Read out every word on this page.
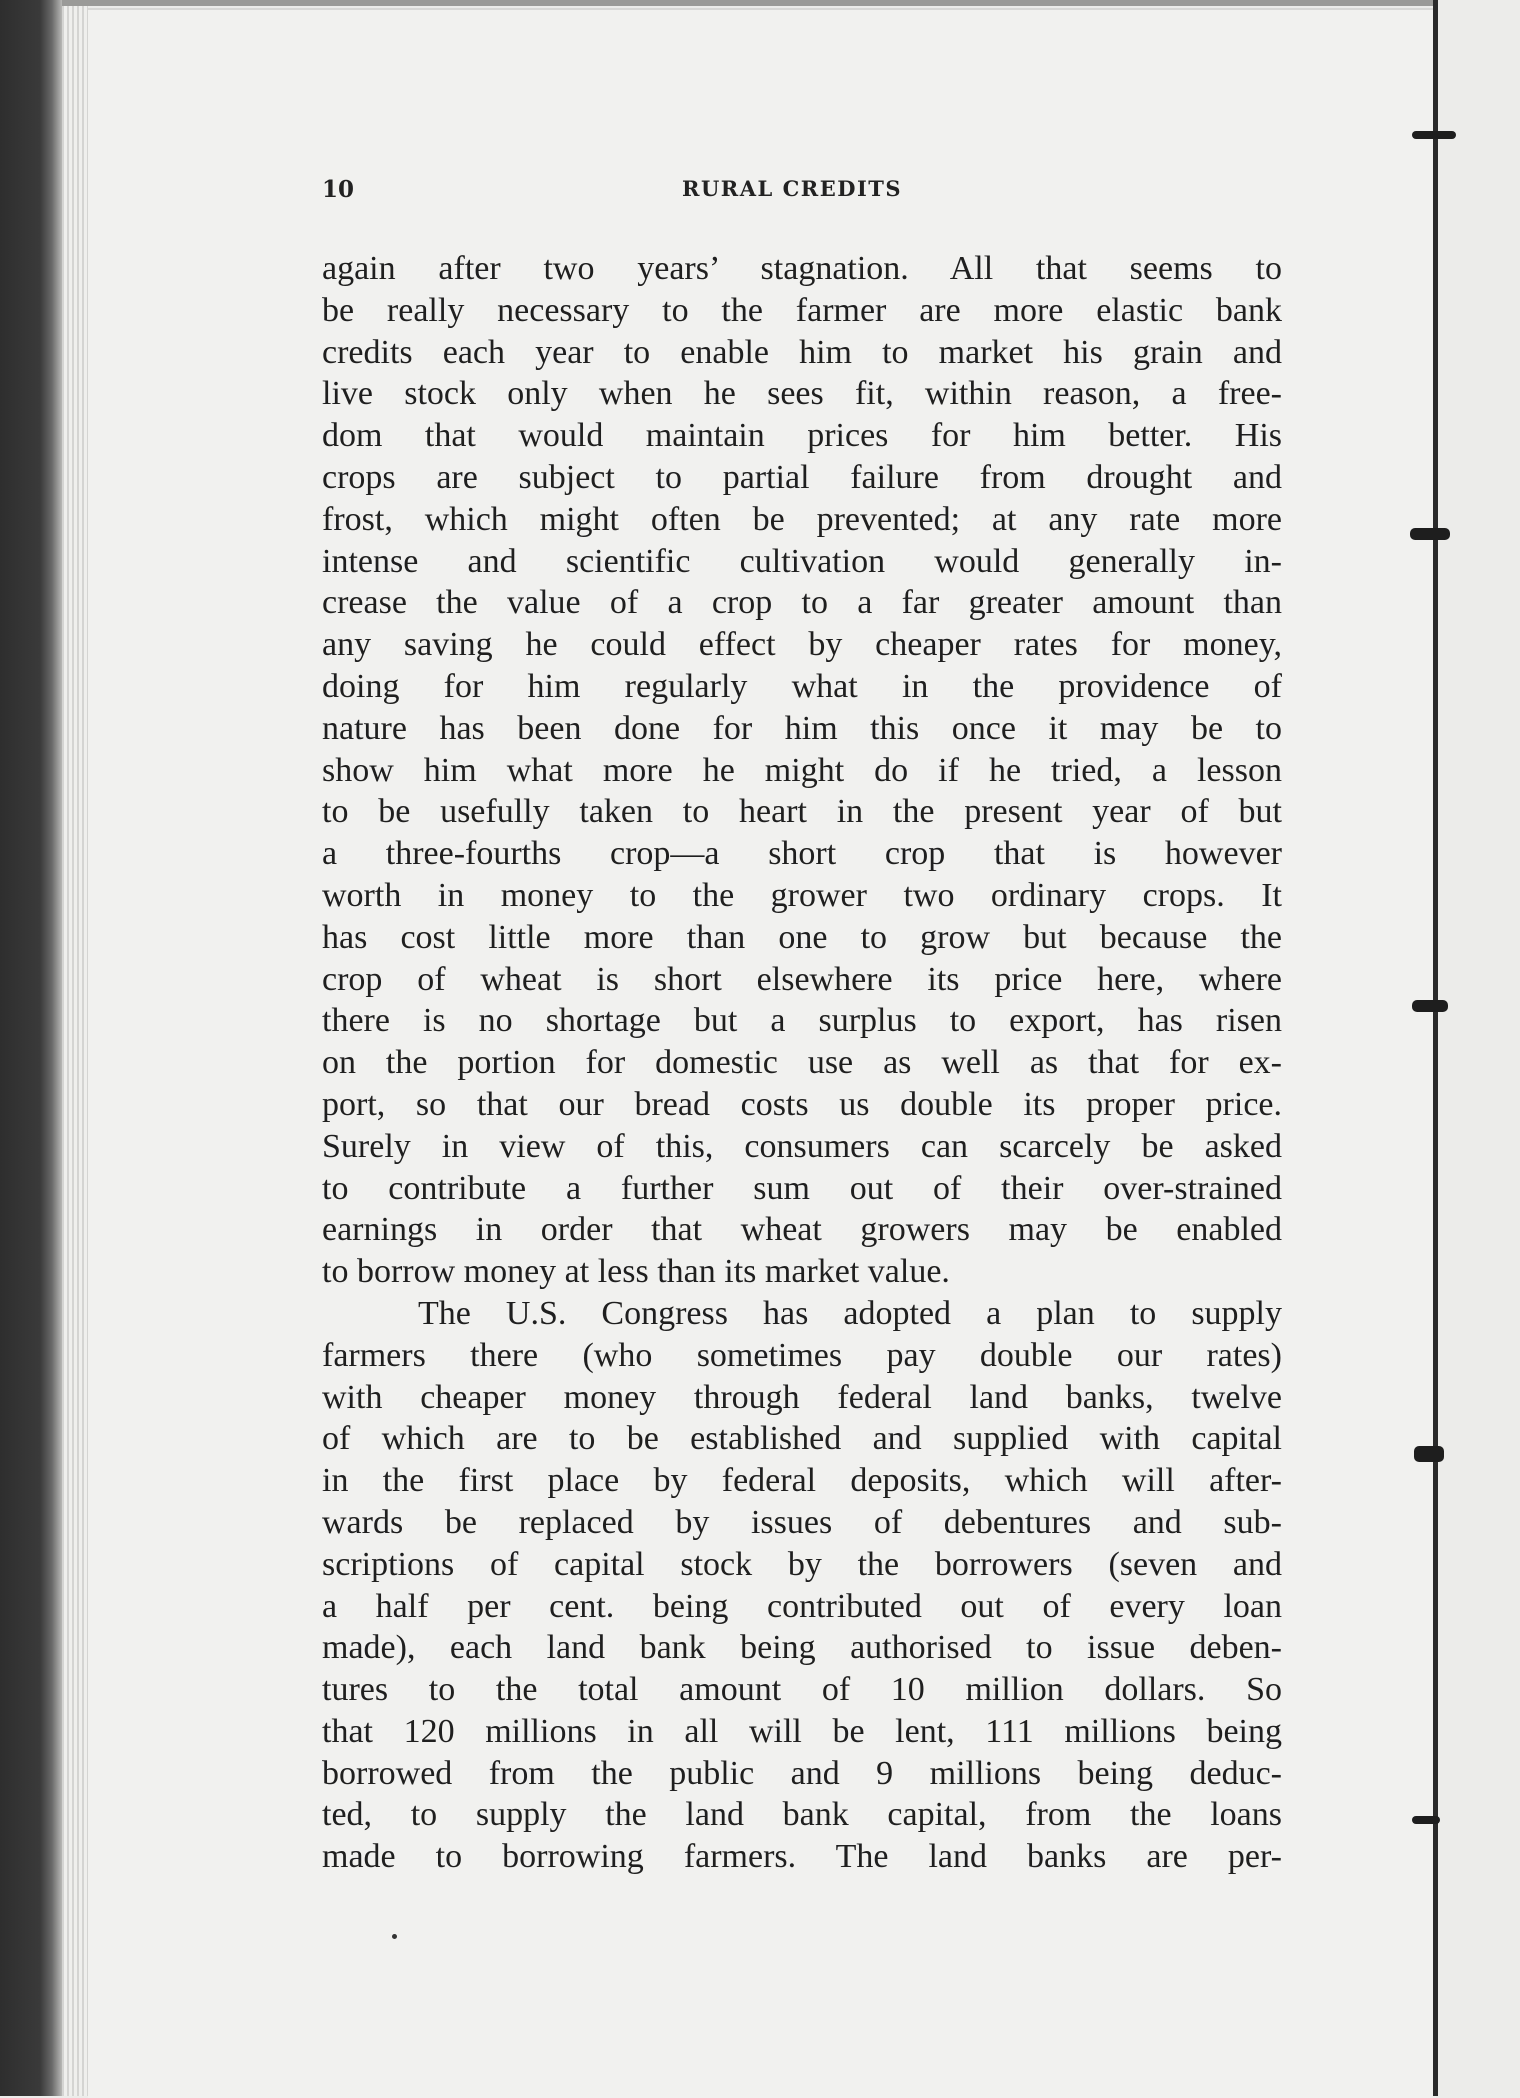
10	RURAL CREDITS
again after two years’ stagnation. All that seems to
be really necessary to the farmer are more elastic bank
credits each year to enable him to market his grain and
live stock only when he sees fit, within reason, a free-
dom that would maintain prices for him better. His
crops are subject to partial failure from drought and
frost, which might often be prevented; at any rate more
intense and scientific cultivation would generally in-
crease the value of a crop to a far greater amount than
any saving he could effect by cheaper rates for money,
doing for him regularly what in the providence of
nature has been done for him this once it may be to
show him what more he might do if he tried, a lesson
to be usefully taken to heart in the present year of but
a three-fourths crop—a short crop that is however
worth in money to the grower two ordinary crops. It
has cost little more than one to grow but because the
crop of wheat is short elsewhere its price here, where
there is no shortage but a surplus to export, has risen
on the portion for domestic use as well as that for ex-
port, so that our bread costs us double its proper price.
Surely in view of this, consumers can scarcely be asked
to contribute a further sum out of their over-strained
earnings in order that wheat growers may be enabled
to borrow money at less than its market value.
The U.S. Congress has adopted a plan to supply
farmers there (who sometimes pay double our rates)
with cheaper money through federal land banks, twelve
of which are to be established and supplied with capital
in the first place by federal deposits, which will after-
wards be replaced by issues of debentures and sub-
scriptions of capital stock by the borrowers (seven and
a half per cent. being contributed out of every loan
made), each land bank being authorised to issue deben-
tures to the total amount of 10 million dollars. So
that 120 millions in all will be lent, 111 millions being
borrowed from the public and 9 millions being deduc-
ted, to supply the land bank capital, from the loans
made to borrowing farmers. The land banks are per-
